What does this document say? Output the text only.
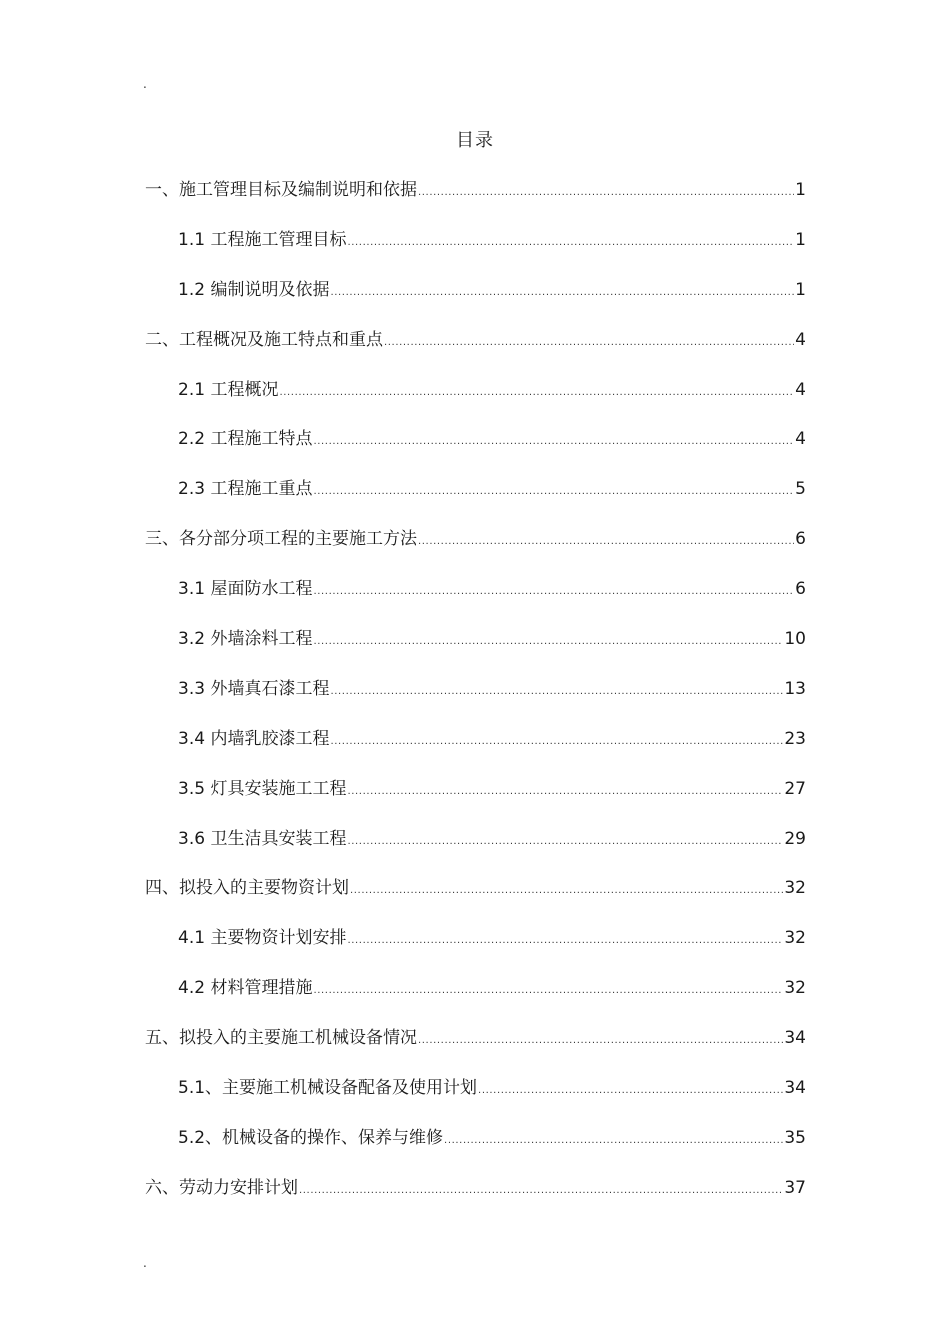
.
目录
一、施工管理目标及编制说明和依据 .....	1
1.1 工程施工管理目标 .....	1
1.2 编制说明及依据 .....	1
二、工程概况及施工特点和重点 .....	4
2.1 工程概况 .....	4
2.2 工程施工特点 .....	4
2.3 工程施工重点 .....	5
三、各分部分项工程的主要施工方法 .....	6
3.1 屋面防水工程 .....	6
3.2 外墙涂料工程 .....	10
3.3 外墙真石漆工程 .....	13
3.4 内墙乳胶漆工程 .....	23
3.5 灯具安装施工工程 .....	27
3.6 卫生洁具安装工程 .....	29
四、拟投入的主要物资计划 .....	32
4.1 主要物资计划安排 .....	32
4.2 材料管理措施 .....	32
五、拟投入的主要施工机械设备情况 .....	34
5.1、主要施工机械设备配备及使用计划 .....	34
5.2、机械设备的操作、保养与维修 .....	35
六、劳动力安排计划 .....	37
.
